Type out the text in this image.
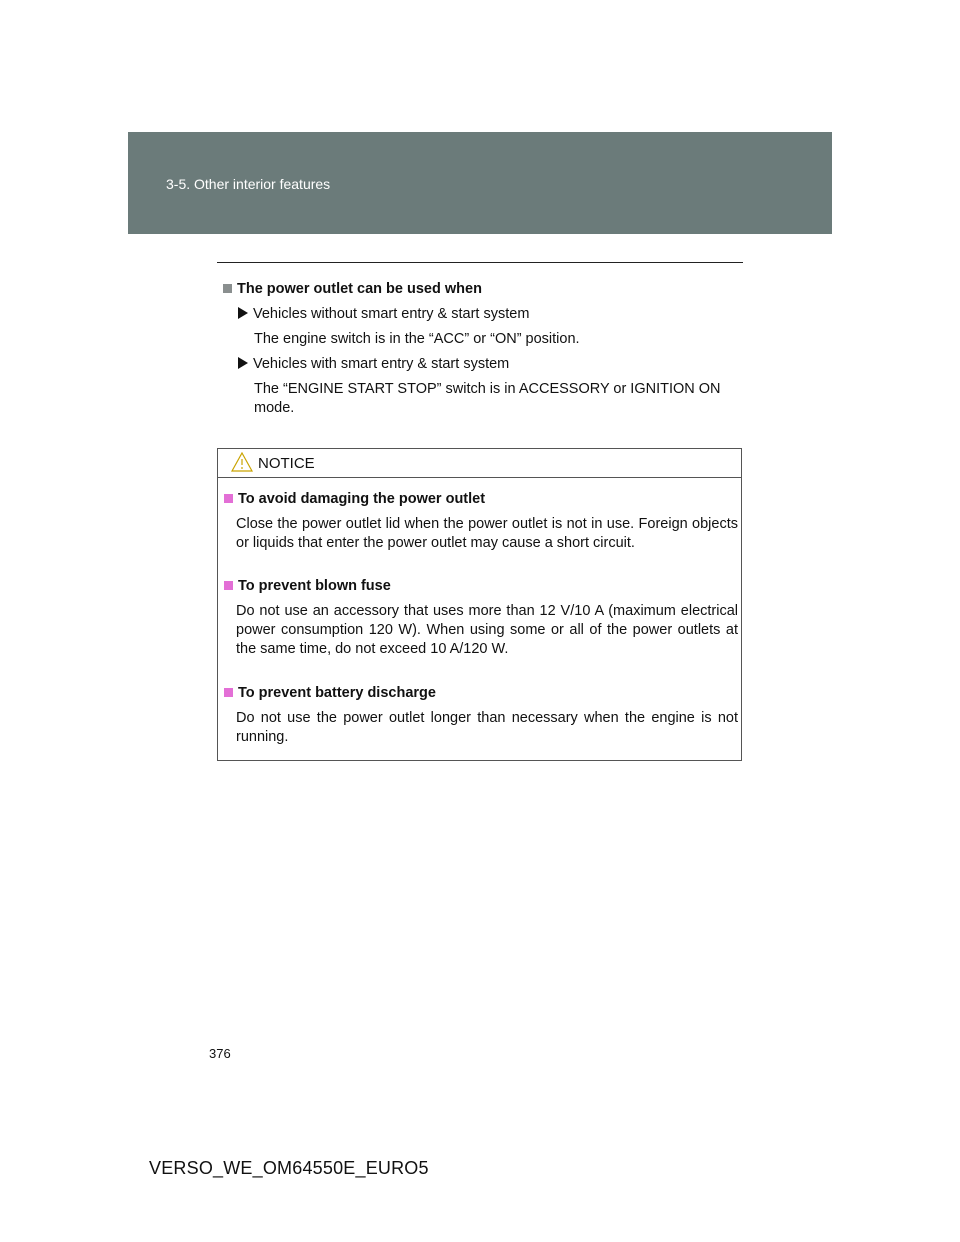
3-5. Other interior features
The power outlet can be used when
Vehicles without smart entry & start system
The engine switch is in the “ACC” or “ON” position.
Vehicles with smart entry & start system
The “ENGINE START STOP” switch is in ACCESSORY or IGNITION ON
mode.
NOTICE
To avoid damaging the power outlet
Close the power outlet lid when the power outlet is not in use. Foreign objects or liquids that enter the power outlet may cause a short circuit.
To prevent blown fuse
Do not use an accessory that uses more than 12 V/10 A (maximum electrical power consumption 120 W). When using some or all of the power outlets at the same time, do not exceed 10 A/120 W.
To prevent battery discharge
Do not use the power outlet longer than necessary when the engine is not running.
376
VERSO_WE_OM64550E_EURO5
